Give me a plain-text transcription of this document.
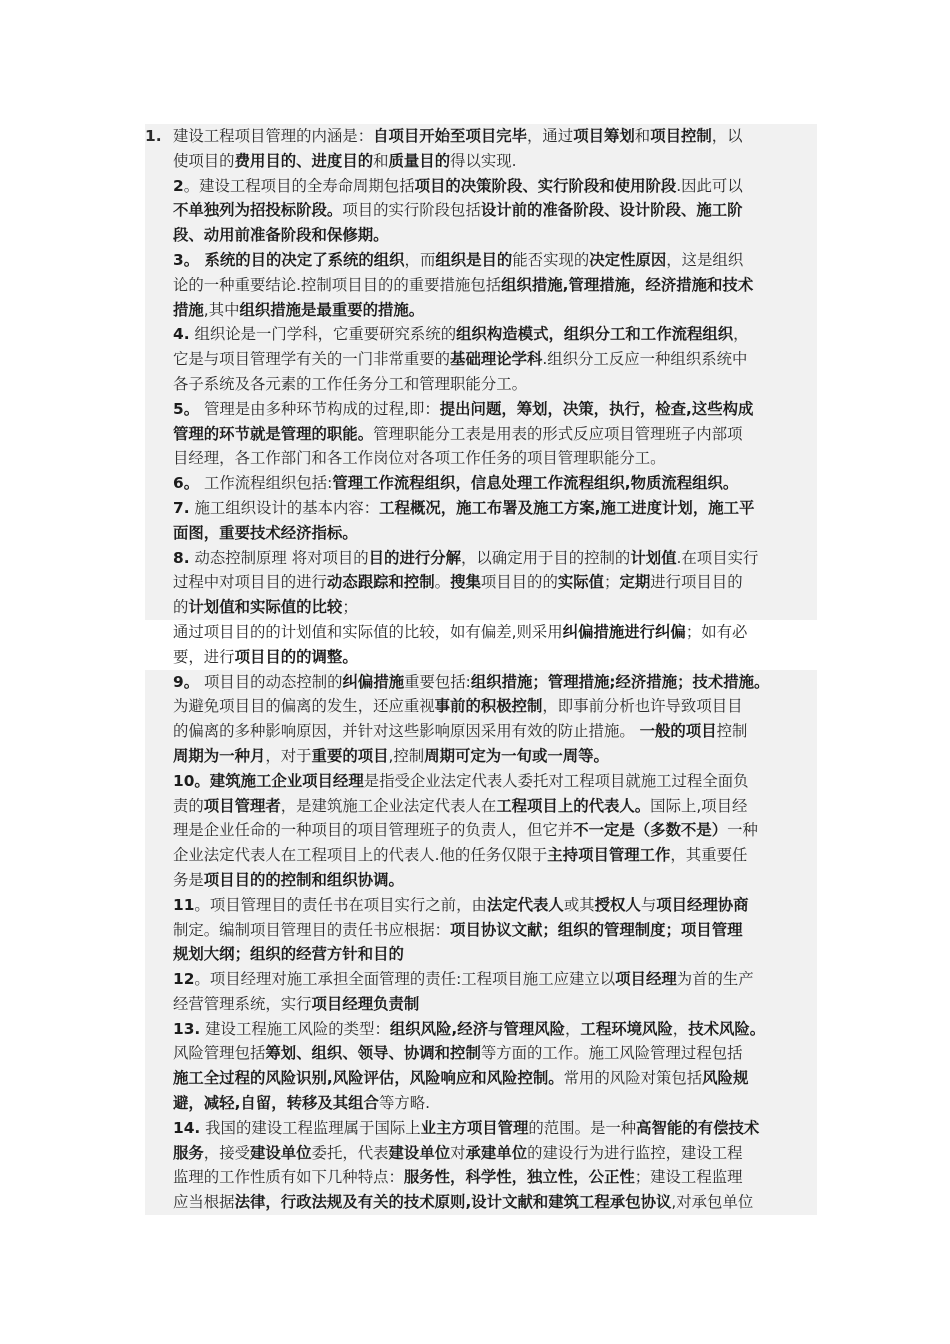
1. 建设工程项目管理的内涵是：自项目开始至项目完毕，通过项目筹划和项目控制，以
使项目的费用目的、进度目的和质量目的得以实现.
2。建设工程项目的全寿命周期包括项目的决策阶段、实行阶段和使用阶段.因此可以
不单独列为招投标阶段。项目的实行阶段包括设计前的准备阶段、设计阶段、施工阶
段、动用前准备阶段和保修期。
3。 系统的目的决定了系统的组织，而组织是目的能否实现的决定性原因，这是组织
论的一种重要结论.控制项目目的的重要措施包括组织措施,管理措施，经济措施和技术
措施,其中组织措施是最重要的措施。
4. 组织论是一门学科，它重要研究系统的组织构造模式，组织分工和工作流程组织，
它是与项目管理学有关的一门非常重要的基础理论学科.组织分工反应一种组织系统中
各子系统及各元素的工作任务分工和管理职能分工。
5。 管理是由多种环节构成的过程,即：提出问题，筹划，决策，执行，检查,这些构成
管理的环节就是管理的职能。管理职能分工表是用表的形式反应项目管理班子内部项
目经理，各工作部门和各工作岗位对各项工作任务的项目管理职能分工。
6。 工作流程组织包括:管理工作流程组织，信息处理工作流程组织,物质流程组织。
7. 施工组织设计的基本内容：工程概况，施工布署及施工方案,施工进度计划，施工平
面图，重要技术经济指标。
8. 动态控制原理 将对项目的目的进行分解，以确定用于目的控制的计划值.在项目实行
过程中对项目目的进行动态跟踪和控制。搜集项目目的的实际值；定期进行项目目的
的计划值和实际值的比较；
通过项目目的的计划值和实际值的比较，如有偏差,则采用纠偏措施进行纠偏；如有必
要，进行项目目的的调整。
9。 项目目的动态控制的纠偏措施重要包括:组织措施；管理措施;经济措施；技术措施。
为避免项目目的偏离的发生，还应重视事前的积极控制，即事前分析也许导致项目目
的偏离的多种影响原因，并针对这些影响原因采用有效的防止措施。 一般的项目控制
周期为一种月，对于重要的项目,控制周期可定为一旬或一周等。
10。建筑施工企业项目经理是指受企业法定代表人委托对工程项目就施工过程全面负
责的项目管理者，是建筑施工企业法定代表人在工程项目上的代表人。国际上,项目经
理是企业任命的一种项目的项目管理班子的负责人，但它并不一定是（多数不是）一种
企业法定代表人在工程项目上的代表人.他的任务仅限于主持项目管理工作，其重要任
务是项目目的的控制和组织协调。
11。项目管理目的责任书在项目实行之前，由法定代表人或其授权人与项目经理协商
制定。编制项目管理目的责任书应根据：项目协议文献；组织的管理制度；项目管理
规划大纲；组织的经营方针和目的
12。项目经理对施工承担全面管理的责任:工程项目施工应建立以项目经理为首的生产
经营管理系统，实行项目经理负责制
13. 建设工程施工风险的类型：组织风险,经济与管理风险，工程环境风险，技术风险。
风险管理包括筹划、组织、领导、协调和控制等方面的工作。施工风险管理过程包括
施工全过程的风险识别,风险评估，风险响应和风险控制。常用的风险对策包括风险规
避，减轻,自留，转移及其组合等方略.
14. 我国的建设工程监理属于国际上业主方项目管理的范围。是一种高智能的有偿技术
服务，接受建设单位委托，代表建设单位对承建单位的建设行为进行监控，建设工程
监理的工作性质有如下几种特点：服务性，科学性，独立性，公正性；建设工程监理
应当根据法律，行政法规及有关的技术原则,设计文献和建筑工程承包协议,对承包单位
